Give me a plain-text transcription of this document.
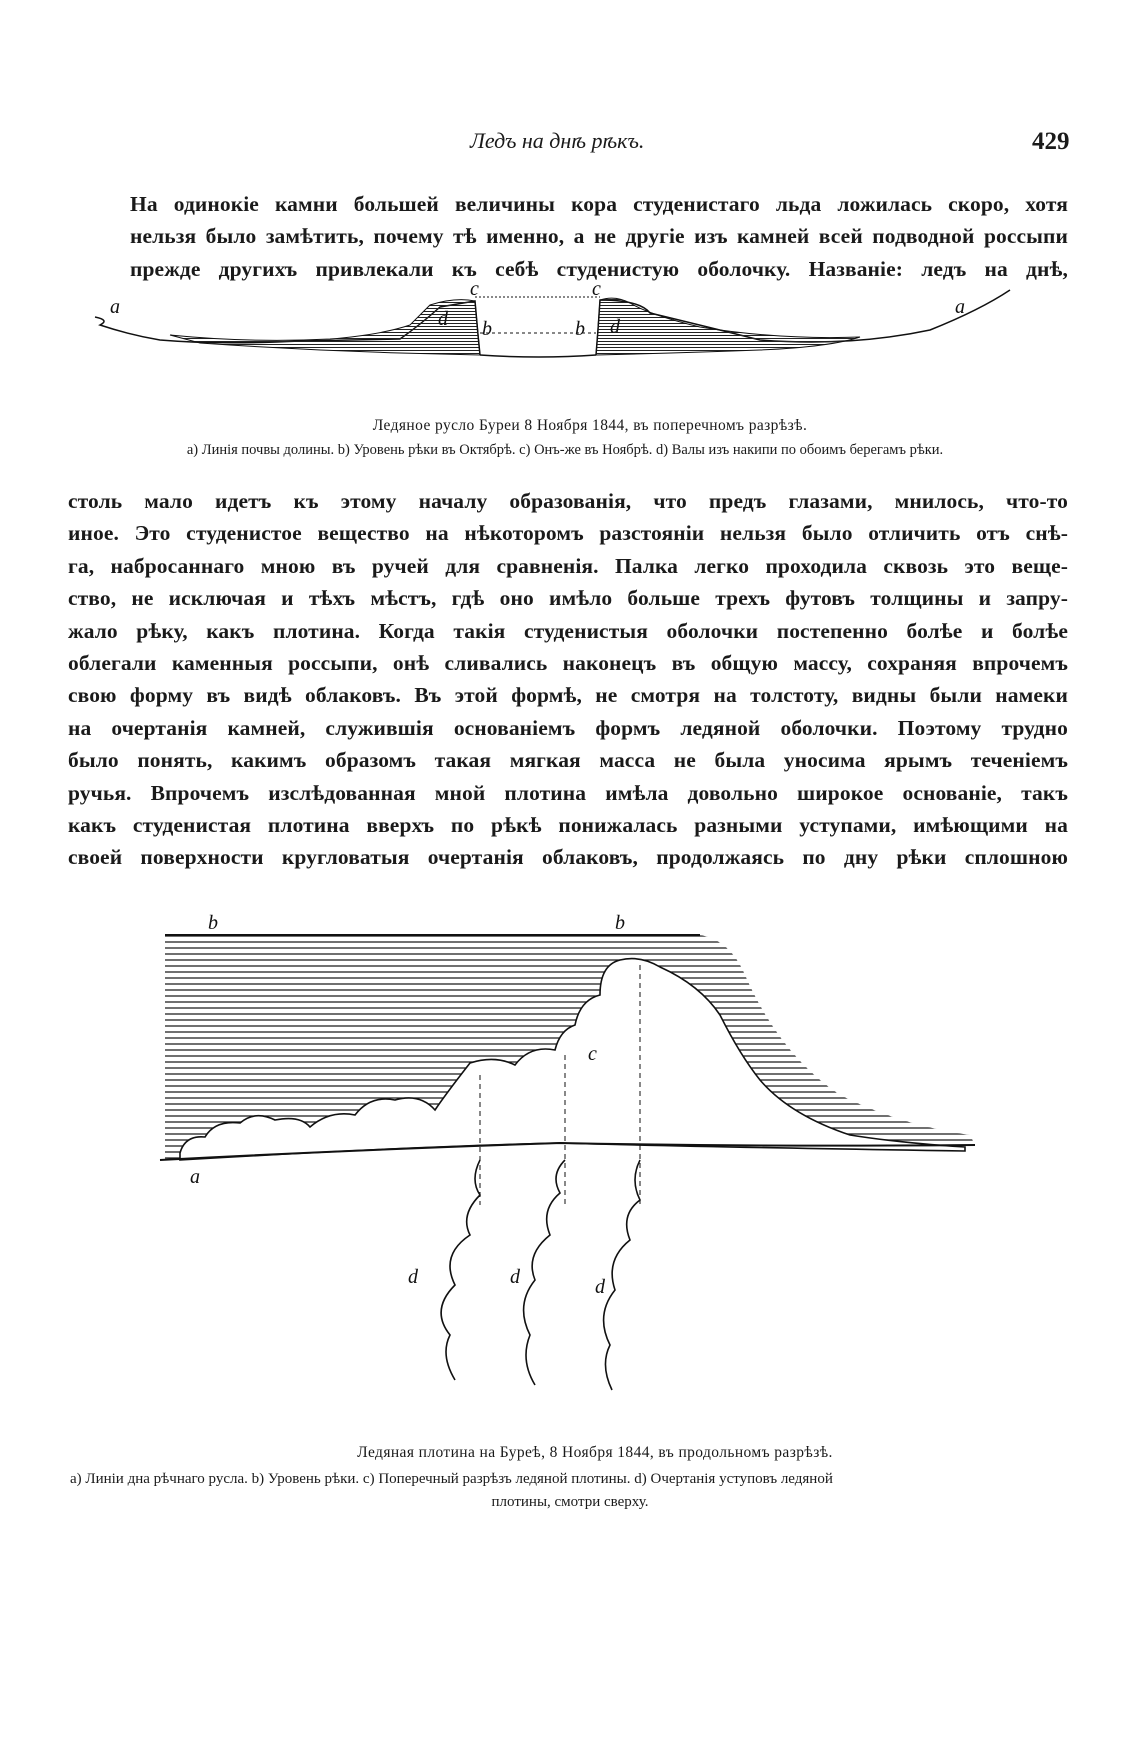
Ледъ на днѣ рѣкъ.	429
На одинокіе камни большей величины кора студенистаго льда ложилась скоро, хотя
нельзя было замѣтить, почему тѣ именно, а не другіе изъ камней всей подводной россыпи
прежде другихъ привлекали къ себѣ студенистую оболочку. Названіе: ледъ на днѣ,
a	a
c	c
d	d
b	b
Ледяное русло Буреи 8 Ноября 1844, въ поперечномъ разрѣзѣ.
a) Линія почвы долины. b) Уровень рѣки въ Октябрѣ. c) Онъ-же въ Ноябрѣ. d) Валы изъ накипи по обоимъ берегамъ рѣки.
столь мало идетъ къ этому началу образованія, что предъ глазами, мнилось, что-то
иное. Это студенистое вещество на нѣкоторомъ разстояніи нельзя было отличить отъ снѣ-
га, набросаннаго мною въ ручей для сравненія. Палка легко проходила сквозь это веще-
ство, не исключая и тѣхъ мѣстъ, гдѣ оно имѣло больше трехъ футовъ толщины и запру-
жало рѣку, какъ плотина. Когда такія студенистыя оболочки постепенно болѣе и болѣе
облегали каменныя россыпи, онѣ сливались наконецъ въ общую массу, сохраняя впрочемъ
свою форму въ видѣ облаковъ. Въ этой формѣ, не смотря на толстоту, видны были намеки
на очертанія камней, служившія основаніемъ формъ ледяной оболочки. Поэтому трудно
было понять, какимъ образомъ такая мягкая масса не была уносима ярымъ теченіемъ
ручья. Впрочемъ изслѣдованная мной плотина имѣла довольно широкое основаніе, такъ
какъ студенистая плотина вверхъ по рѣкѣ понижалась разными уступами, имѣющими на
своей поверхности кругловатыя очертанія облаковъ, продолжаясь по дну рѣки сплошною
b	b
c
a
d	d	d
Ледяная плотина на Буреѣ, 8 Ноября 1844, въ продольномъ разрѣзѣ.
a) Линіи дна рѣчнаго русла. b) Уровень рѣки. c) Поперечный разрѣзъ ледяной плотины. d) Очертанія уступовъ ледяной
плотины, смотри сверху.
